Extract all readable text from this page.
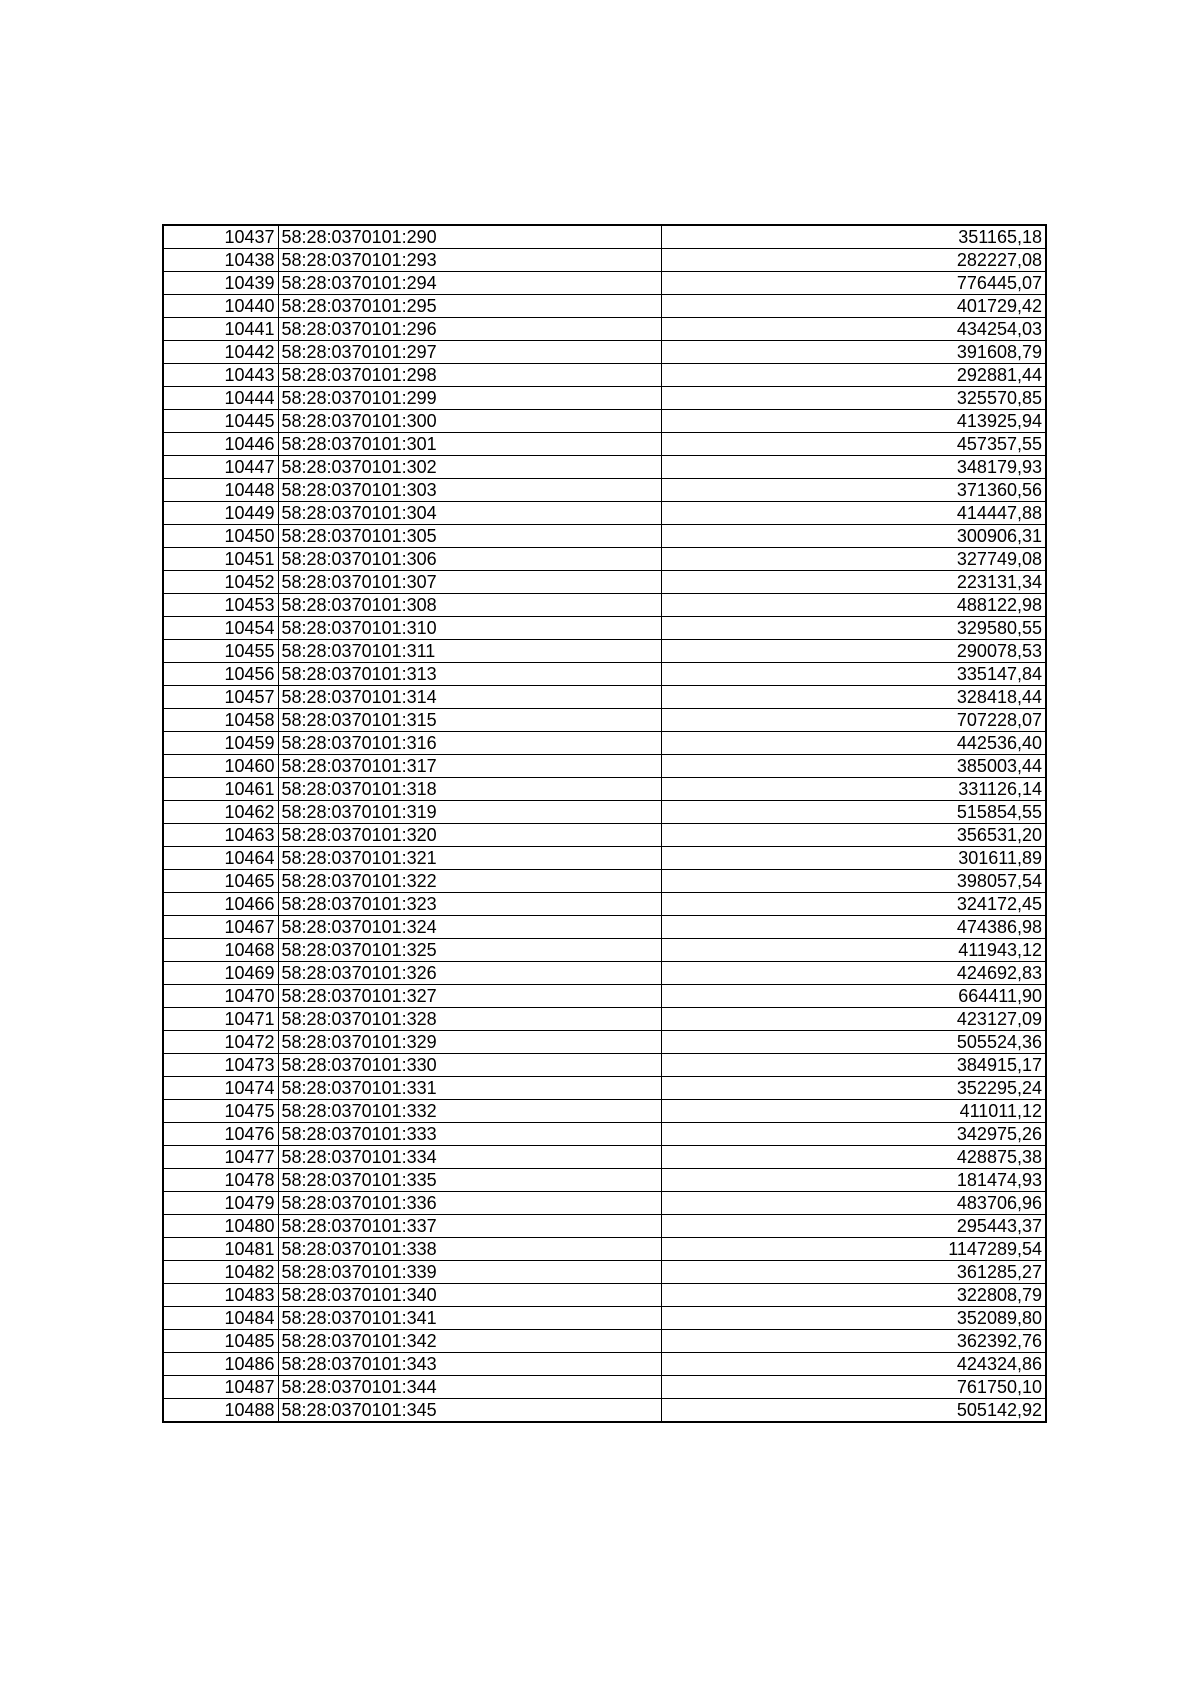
10437	58:28:0370101:290	351165,18
10438	58:28:0370101:293	282227,08
10439	58:28:0370101:294	776445,07
10440	58:28:0370101:295	401729,42
10441	58:28:0370101:296	434254,03
10442	58:28:0370101:297	391608,79
10443	58:28:0370101:298	292881,44
10444	58:28:0370101:299	325570,85
10445	58:28:0370101:300	413925,94
10446	58:28:0370101:301	457357,55
10447	58:28:0370101:302	348179,93
10448	58:28:0370101:303	371360,56
10449	58:28:0370101:304	414447,88
10450	58:28:0370101:305	300906,31
10451	58:28:0370101:306	327749,08
10452	58:28:0370101:307	223131,34
10453	58:28:0370101:308	488122,98
10454	58:28:0370101:310	329580,55
10455	58:28:0370101:311	290078,53
10456	58:28:0370101:313	335147,84
10457	58:28:0370101:314	328418,44
10458	58:28:0370101:315	707228,07
10459	58:28:0370101:316	442536,40
10460	58:28:0370101:317	385003,44
10461	58:28:0370101:318	331126,14
10462	58:28:0370101:319	515854,55
10463	58:28:0370101:320	356531,20
10464	58:28:0370101:321	301611,89
10465	58:28:0370101:322	398057,54
10466	58:28:0370101:323	324172,45
10467	58:28:0370101:324	474386,98
10468	58:28:0370101:325	411943,12
10469	58:28:0370101:326	424692,83
10470	58:28:0370101:327	664411,90
10471	58:28:0370101:328	423127,09
10472	58:28:0370101:329	505524,36
10473	58:28:0370101:330	384915,17
10474	58:28:0370101:331	352295,24
10475	58:28:0370101:332	411011,12
10476	58:28:0370101:333	342975,26
10477	58:28:0370101:334	428875,38
10478	58:28:0370101:335	181474,93
10479	58:28:0370101:336	483706,96
10480	58:28:0370101:337	295443,37
10481	58:28:0370101:338	1147289,54
10482	58:28:0370101:339	361285,27
10483	58:28:0370101:340	322808,79
10484	58:28:0370101:341	352089,80
10485	58:28:0370101:342	362392,76
10486	58:28:0370101:343	424324,86
10487	58:28:0370101:344	761750,10
10488	58:28:0370101:345	505142,92
